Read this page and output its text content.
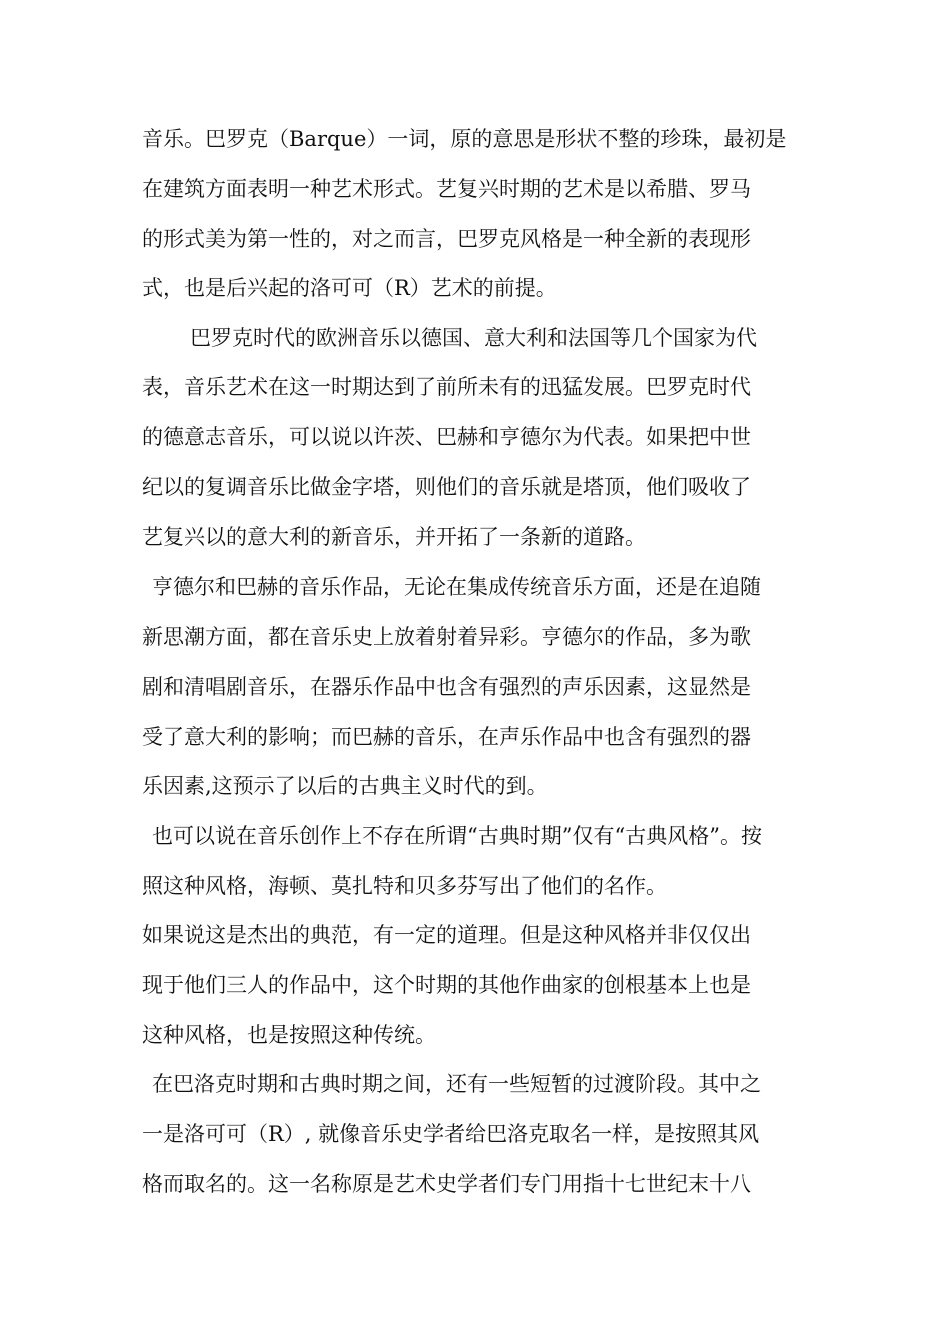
音乐。巴罗克（Barque）一词，原的意思是形状不整的珍珠，最初是
在建筑方面表明一种艺术形式。艺复兴时期的艺术是以希腊、罗马
的形式美为第一性的，对之而言，巴罗克风格是一种全新的表现形
式，也是后兴起的洛可可（R）艺术的前提。
巴罗克时代的欧洲音乐以德国、意大利和法国等几个国家为代
表，音乐艺术在这一时期达到了前所未有的迅猛发展。巴罗克时代
的德意志音乐，可以说以许茨、巴赫和亨德尔为代表。如果把中世
纪以的复调音乐比做金字塔，则他们的音乐就是塔顶，他们吸收了
艺复兴以的意大利的新音乐，并开拓了一条新的道路。
亨德尔和巴赫的音乐作品，无论在集成传统音乐方面，还是在追随
新思潮方面，都在音乐史上放着射着异彩。亨德尔的作品，多为歌
剧和清唱剧音乐，在器乐作品中也含有强烈的声乐因素，这显然是
受了意大利的影响；而巴赫的音乐，在声乐作品中也含有强烈的器
乐因素,这预示了以后的古典主义时代的到。
也可以说在音乐创作上不存在所谓“古典时期”仅有“古典风格”。按
照这种风格，海顿、莫扎特和贝多芬写出了他们的名作。
如果说这是杰出的典范，有一定的道理。但是这种风格并非仅仅出
现于他们三人的作品中，这个时期的其他作曲家的创根基本上也是
这种风格，也是按照这种传统。
在巴洛克时期和古典时期之间，还有一些短暂的过渡阶段。其中之
一是洛可可（R）, 就像音乐史学者给巴洛克取名一样，是按照其风
格而取名的。这一名称原是艺术史学者们专门用指十七世纪末十八
